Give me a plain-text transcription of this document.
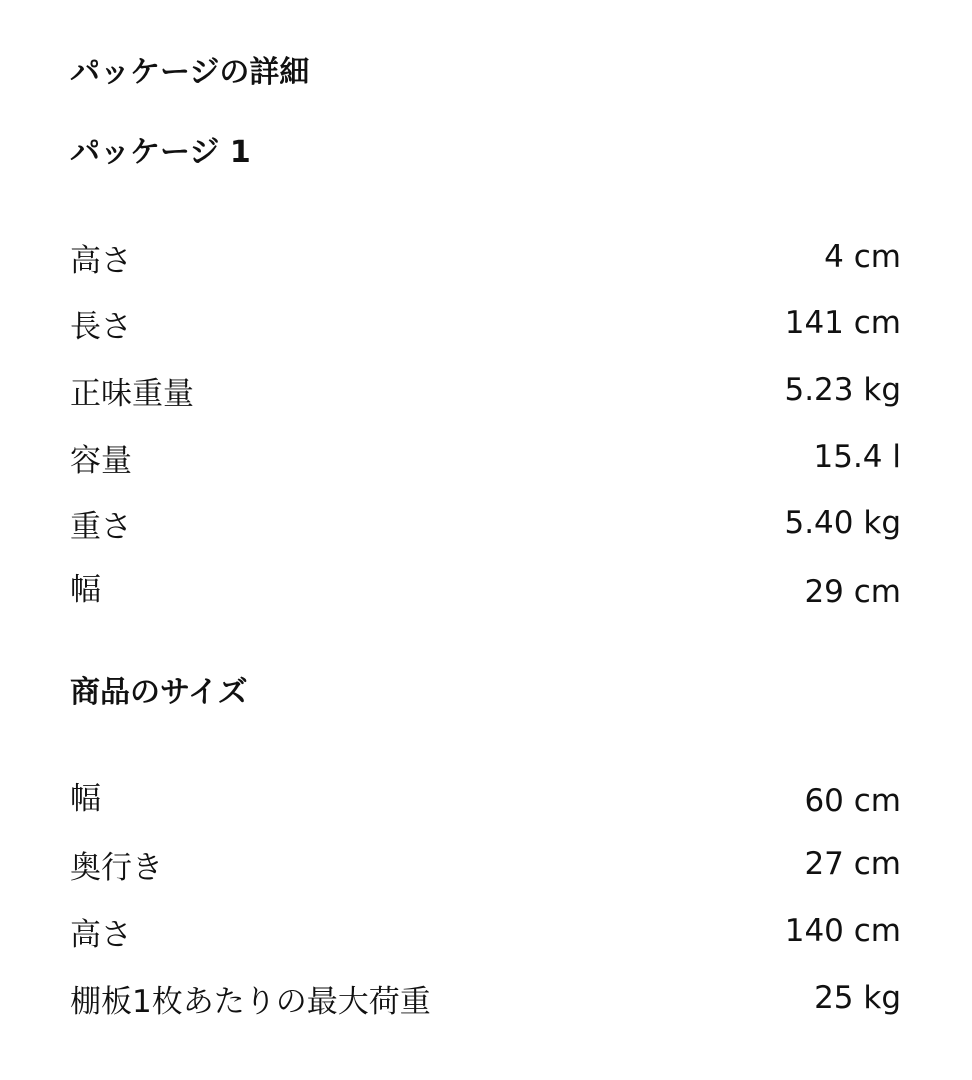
パッケージの詳細
パッケージ 1
高さ	4 cm
長さ	141 cm
正味重量	5.23 kg
容量	15.4 l
重さ	5.40 kg
幅	29 cm
商品のサイズ
幅	60 cm
奥行き	27 cm
高さ	140 cm
棚板1枚あたりの最大荷重	25 kg
